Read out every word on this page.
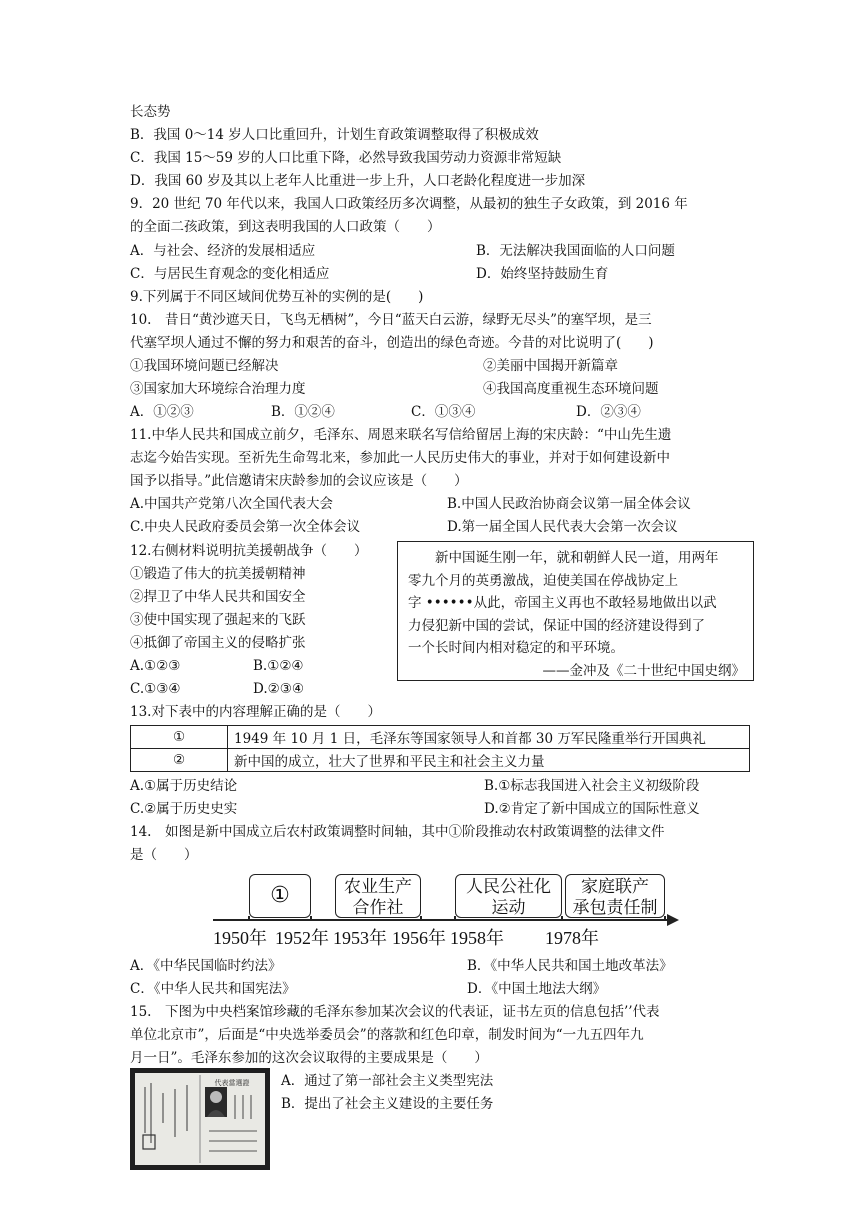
长态势
B．我国 0～14 岁人口比重回升，计划生育政策调整取得了积极成效
C．我国 15～59 岁的人口比重下降，必然导致我国劳动力资源非常短缺
D．我国 60 岁及其以上老年人比重进一步上升，人口老龄化程度进一步加深
9．20 世纪 70 年代以来，我国人口政策经历多次调整，从最初的独生子女政策，到 2016 年
的全面二孩政策，到这表明我国的人口政策（　　）
A．与社会、经济的发展相适应	B．无法解决我国面临的人口问题
C．与居民生育观念的变化相适应	D．始终坚持鼓励生育
9.下列属于不同区域间优势互补的实例的是(　　)
10.　昔日“黄沙遮天日，飞鸟无栖树”，今日“蓝天白云游，绿野无尽头”的塞罕坝，是三
代塞罕坝人通过不懈的努力和艰苦的奋斗，创造出的绿色奇迹。今昔的对比说明了(　　)
①我国环境问题已经解决	②美丽中国揭开新篇章
③国家加大环境综合治理力度	④我国高度重视生态环境问题
A．①②③	B．①②④	C．①③④	D．②③④
11.中华人民共和国成立前夕，毛泽东、周恩来联名写信给留居上海的宋庆龄：“中山先生遗
志迄今始告实现。至祈先生命驾北来，参加此一人民历史伟大的事业，并对于如何建设新中
国予以指导。”此信邀请宋庆龄参加的会议应该是（　　）
A.中国共产党第八次全国代表大会	B.中国人民政治协商会议第一届全体会议
C.中央人民政府委员会第一次全体会议	D.第一届全国人民代表大会第一次会议
12.右侧材料说明抗美援朝战争（　　）
①锻造了伟大的抗美援朝精神
②捍卫了中华人民共和国安全
③使中国实现了强起来的飞跃
④抵御了帝国主义的侵略扩张
A.①②③	B.①②④
C.①③④	D.②③④
新中国诞生刚一年，就和朝鲜人民一道，用两年
零九个月的英勇激战，迫使美国在停战协定上
字 ••••••从此，帝国主义再也不敢轻易地做出以武
力侵犯新中国的尝试，保证中国的经济建设得到了
一个长时间内相对稳定的和平环境。
——金冲及《二十世纪中国史纲》
13.对下表中的内容理解正确的是（　　）
①	1949 年 10 月 1 日，毛泽东等国家领导人和首都 30 万军民隆重举行开国典礼
②	新中国的成立，壮大了世界和平民主和社会主义力量
A.①属于历史结论	B.①标志我国进入社会主义初级阶段
C.②属于历史史实	D.②肯定了新中国成立的国际性意义
14.　如图是新中国成立后农村政策调整时间轴，其中①阶段推动农村政策调整的法律文件
是（　　）
①	农业生产
合作社
人民公社化
运动
家庭联产
承包责任制
1950年 1952年 1953年 1956年 1958年 1978年
A．《中华民国临时约法》	B．《中华人民共和国土地改革法》
C．《中华人民共和国宪法》	D．《中国土地法大纲》
15.　下图为中央档案馆珍藏的毛泽东参加某次会议的代表证，证书左页的信息包括’’代表
单位北京市”，后面是“中央选举委员会”的落款和红色印章，制发时间为“一九五四年九
月一日”。毛泽东参加的这次会议取得的主要成果是（　　）
A．通过了第一部社会主义类型宪法
B．提出了社会主义建设的主要任务
代表當選證
